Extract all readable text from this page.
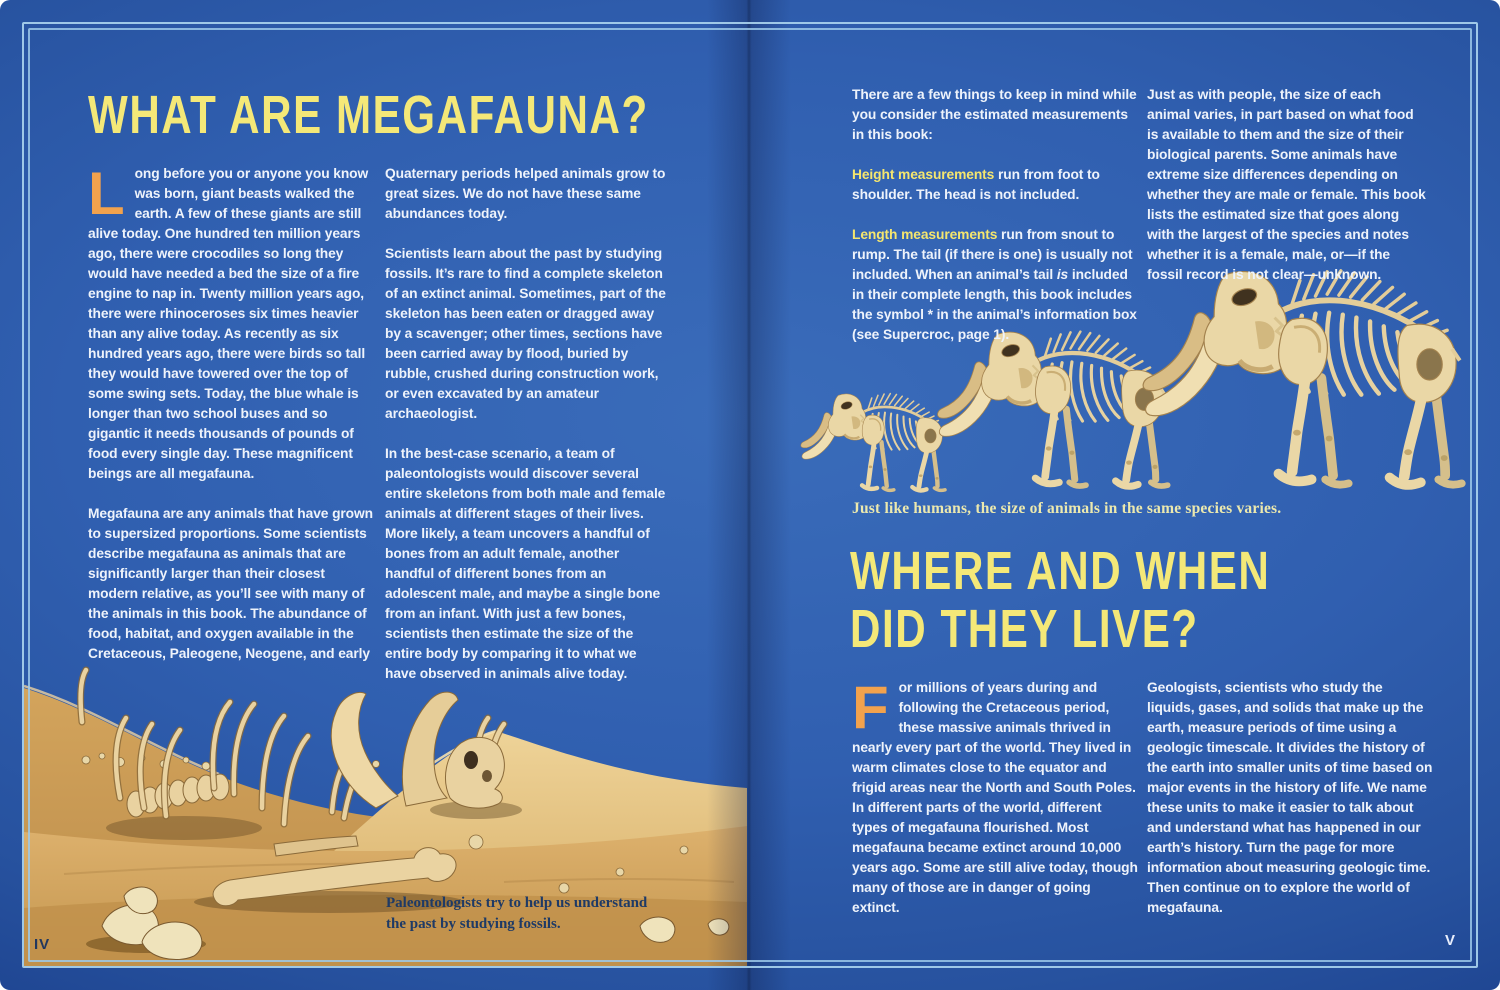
WHAT ARE MEGAFAUNA?

Long before you or anyone you know was born, giant beasts walked the earth. A few of these giants are still alive today. One hundred ten million years ago, there were crocodiles so long they would have needed a bed the size of a fire engine to nap in. Twenty million years ago, there were rhinoceroses six times heavier than any alive today. As recently as six hundred years ago, there were birds so tall they would have towered over the top of some swing sets. Today, the blue whale is longer than two school buses and so gigantic it needs thousands of pounds of food every single day. These magnificent beings are all megafauna.

Megafauna are any animals that have grown to supersized proportions. Some scientists describe megafauna as animals that are significantly larger than their closest modern relative, as you’ll see with many of the animals in this book. The abundance of food, habitat, and oxygen available in the Cretaceous, Paleogene, Neogene, and early

Quaternary periods helped animals grow to great sizes. We do not have these same abundances today.

Scientists learn about the past by studying fossils. It’s rare to find a complete skeleton of an extinct animal. Sometimes, part of the skeleton has been eaten or dragged away by a scavenger; other times, sections have been carried away by flood, buried by rubble, crushed during construction work, or even excavated by an amateur archaeologist.

In the best-case scenario, a team of paleontologists would discover several entire skeletons from both male and female animals at different stages of their lives. More likely, a team uncovers a handful of bones from an adult female, another handful of different bones from an adolescent male, and maybe a single bone from an infant. With just a few bones, scientists then estimate the size of the entire body by comparing it to what we have observed in animals alive today.

Paleontologists try to help us understand the past by studying fossils.
IV

There are a few things to keep in mind while you consider the estimated measurements in this book:

Height measurements run from foot to shoulder. The head is not included.

Length measurements run from snout to rump. The tail (if there is one) is usually not included. When an animal’s tail is included in their complete length, this book includes the symbol * in the animal’s information box (see Supercroc, page 1).

Just as with people, the size of each animal varies, in part based on what food is available to them and the size of their biological parents. Some animals have extreme size differences depending on whether they are male or female. This book lists the estimated size that goes along with the largest of the species and notes whether it is a female, male, or—if the fossil record is not clear—unknown.

Just like humans, the size of animals in the same species varies.
WHERE AND WHEN
DID THEY LIVE?

For millions of years during and following the Cretaceous period, these massive animals thrived in nearly every part of the world. They lived in warm climates close to the equator and frigid areas near the North and South Poles. In different parts of the world, different types of megafauna flourished. Most megafauna became extinct around 10,000 years ago. Some are still alive today, though many of those are in danger of going extinct.

Geologists, scientists who study the liquids, gases, and solids that make up the earth, measure periods of time using a geologic timescale. It divides the history of the earth into smaller units of time based on major events in the history of life. We name these units to make it easier to talk about and understand what has happened in our earth’s history. Turn the page for more information about measuring geologic time. Then continue on to explore the world of megafauna.

V
